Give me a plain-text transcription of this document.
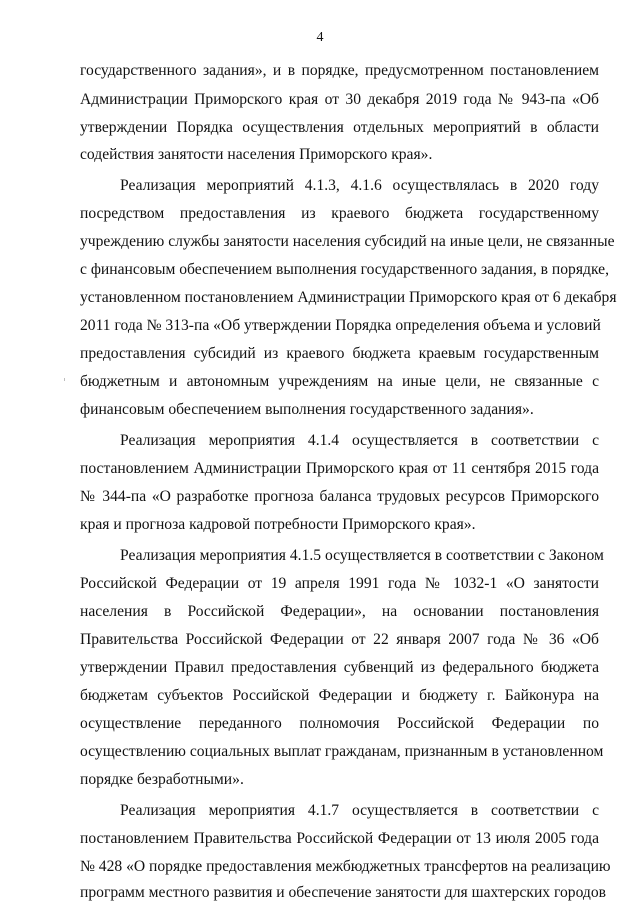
4
государственного задания», и в порядке, предусмотренном постановлением
Администрации Приморского края от 30 декабря 2019 года № 943-па «Об
утверждении Порядка осуществления отдельных мероприятий в области
содействия занятости населения Приморского края».
Реализация мероприятий 4.1.3, 4.1.6 осуществлялась в 2020 году
посредством предоставления из краевого бюджета государственному
учреждению службы занятости населения субсидий на иные цели, не связанные
с финансовым обеспечением выполнения государственного задания, в порядке,
установленном постановлением Администрации Приморского края от 6 декабря
2011 года № 313-па «Об утверждении Порядка определения объема и условий
предоставления субсидий из краевого бюджета краевым государственным
бюджетным и автономным учреждениям на иные цели, не связанные с
финансовым обеспечением выполнения государственного задания».
Реализация мероприятия 4.1.4 осуществляется в соответствии с
постановлением Администрации Приморского края от 11 сентября 2015 года
№ 344-па «О разработке прогноза баланса трудовых ресурсов Приморского
края и прогноза кадровой потребности Приморского края».
Реализация мероприятия 4.1.5 осуществляется в соответствии с Законом
Российской Федерации от 19 апреля 1991 года № 1032-1 «О занятости
населения в Российской Федерации», на основании постановления
Правительства Российской Федерации от 22 января 2007 года № 36 «Об
утверждении Правил предоставления субвенций из федерального бюджета
бюджетам субъектов Российской Федерации и бюджету г. Байконура на
осуществление переданного полномочия Российской Федерации по
осуществлению социальных выплат гражданам, признанным в установленном
порядке безработными».
Реализация мероприятия 4.1.7 осуществляется в соответствии с
постановлением Правительства Российской Федерации от 13 июля 2005 года
№ 428 «О порядке предоставления межбюджетных трансфертов на реализацию
программ местного развития и обеспечение занятости для шахтерских городов
